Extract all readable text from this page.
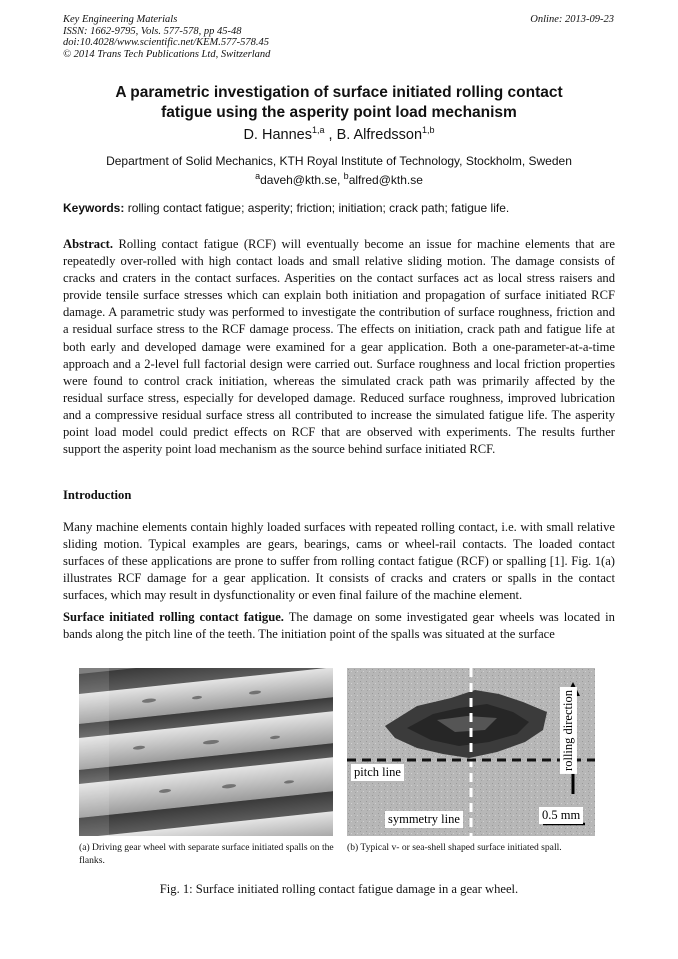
Key Engineering Materials
ISSN: 1662-9795, Vols. 577-578, pp 45-48
doi:10.4028/www.scientific.net/KEM.577-578.45
© 2014 Trans Tech Publications Ltd, Switzerland
Online: 2013-09-23
A parametric investigation of surface initiated rolling contact
fatigue using the asperity point load mechanism
D. Hannes$^{1,a}$ , B. Alfredsson$^{1,b}$
Department of Solid Mechanics, KTH Royal Institute of Technology, Stockholm, Sweden
$^a$daveh@kth.se, $^b$alfred@kth.se
Keywords: rolling contact fatigue; asperity; friction; initiation; crack path; fatigue life.
Abstract. Rolling contact fatigue (RCF) will eventually become an issue for machine elements that are repeatedly over-rolled with high contact loads and small relative sliding motion. The damage consists of cracks and craters in the contact surfaces. Asperities on the contact surfaces act as local stress raisers and provide tensile surface stresses which can explain both initiation and propagation of surface initiated RCF damage. A parametric study was performed to investigate the contribution of surface roughness, friction and a residual surface stress to the RCF damage process. The effects on initiation, crack path and fatigue life at both early and developed damage were examined for a gear application. Both a one-parameter-at-a-time approach and a 2-level full factorial design were carried out. Surface roughness and local friction properties were found to control crack initiation, whereas the simulated crack path was primarily affected by the residual surface stress, especially for developed damage. Reduced surface roughness, improved lubrication and a compressive residual surface stress all contributed to increase the simulated fatigue life. The asperity point load model could predict effects on RCF that are observed with experiments. The results further support the asperity point load mechanism as the source behind surface initiated RCF.
Introduction
Many machine elements contain highly loaded surfaces with repeated rolling contact, i.e. with small relative sliding motion. Typical examples are gears, bearings, cams or wheel-rail contacts. The loaded contact surfaces of these applications are prone to suffer from rolling contact fatigue (RCF) or spalling [1]. Fig. 1(a) illustrates RCF damage for a gear application. It consists of cracks and craters or spalls in the contact surfaces, which may result in dysfunctionality or even final failure of the machine element.
Surface initiated rolling contact fatigue. The damage on some investigated gear wheels was located in bands along the pitch line of the teeth. The initiation point of the spalls was situated at the surface
pitch line
symmetry line	0.5 mm
rolling direction
(a) Driving gear wheel with separate surface initiated spalls on the flanks.
(b) Typical v- or sea-shell shaped surface initiated spall.
Fig. 1: Surface initiated rolling contact fatigue damage in a gear wheel.
